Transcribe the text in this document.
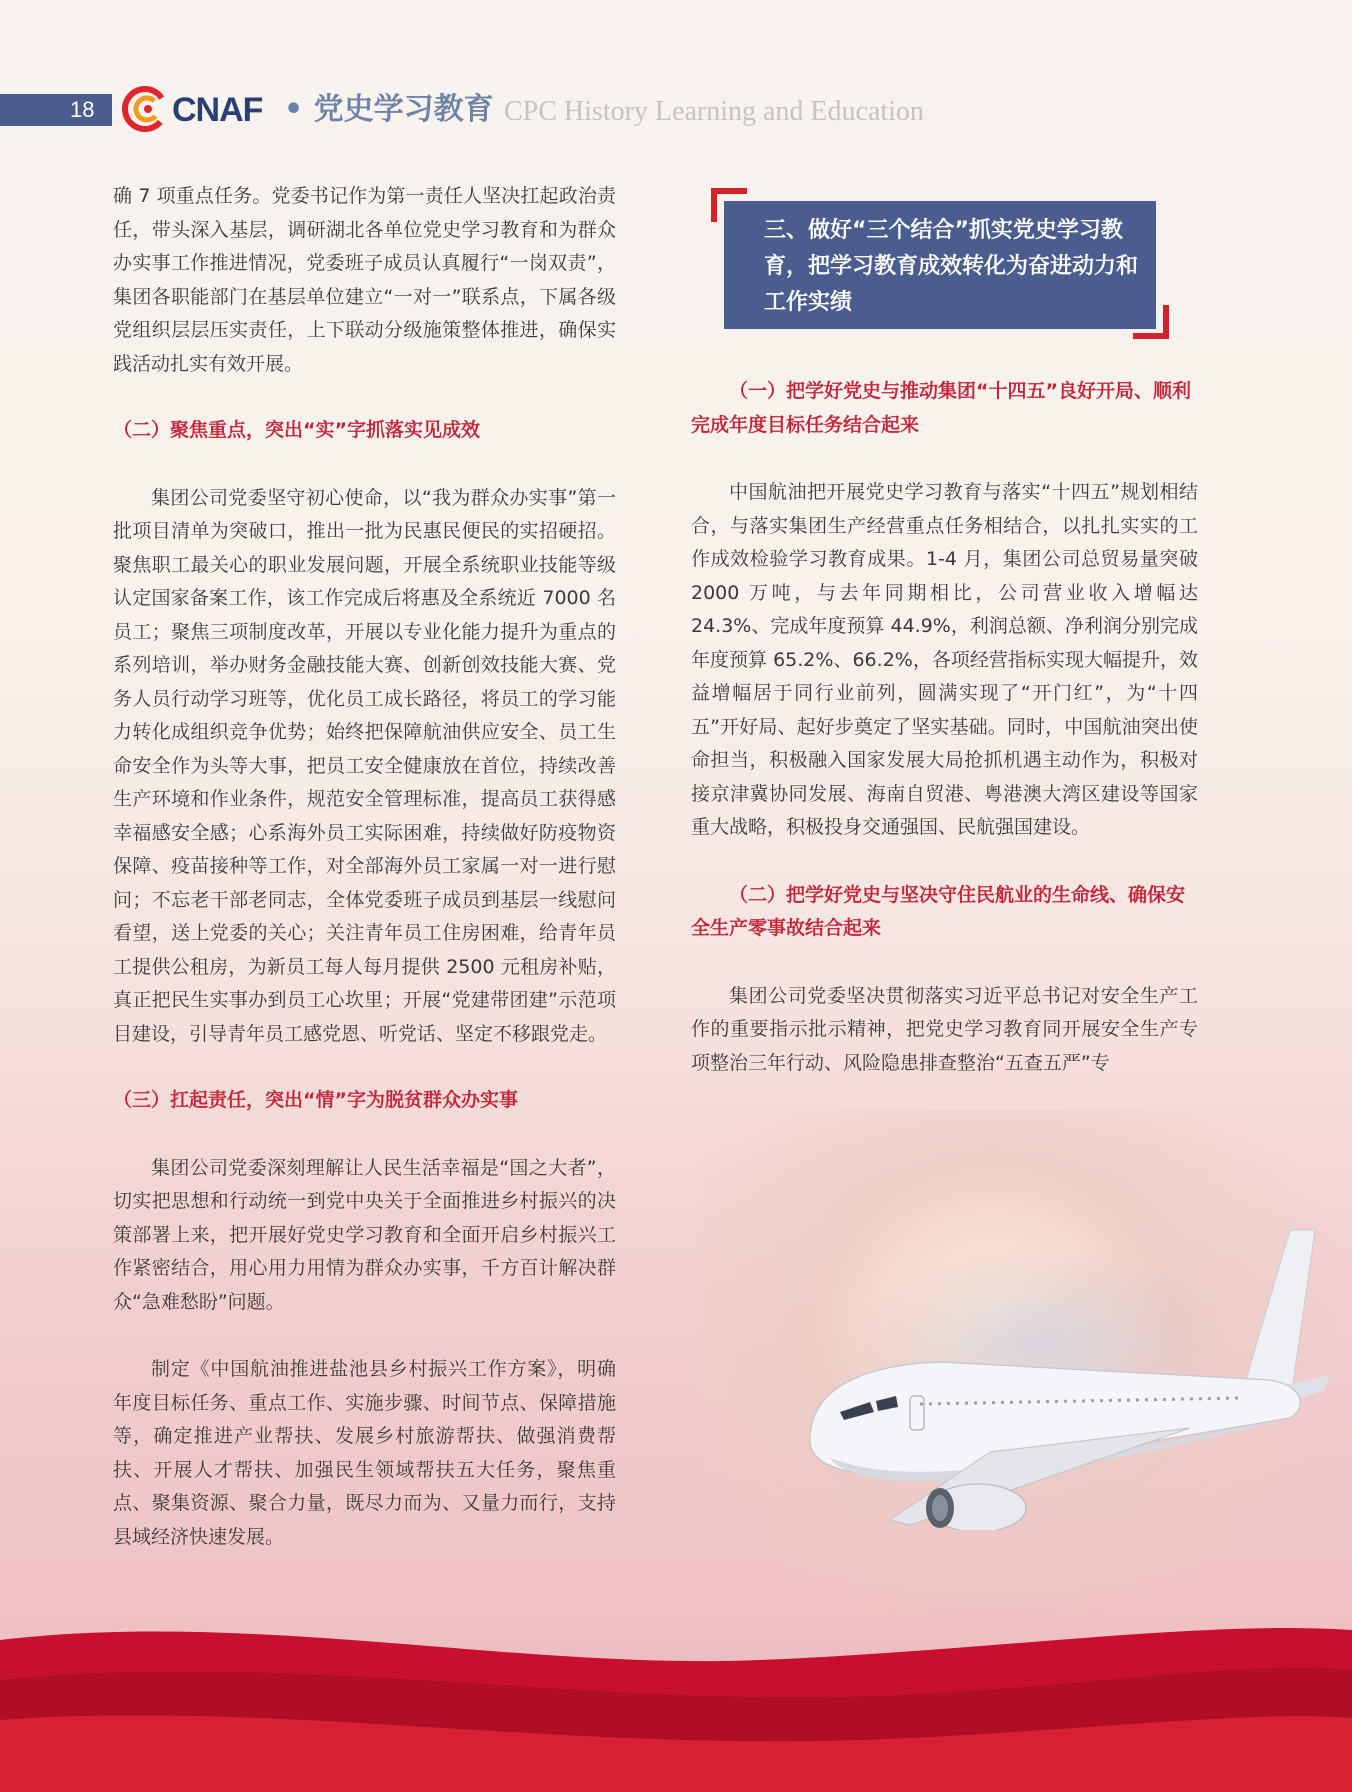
18 CNAF • 党史学习教育 CPC History Learning and Education

确 7 项重点任务。党委书记作为第一责任人坚决扛起政治责任，带头深入基层，调研湖北各单位党史学习教育和为群众办实事工作推进情况，党委班子成员认真履行“一岗双责”，集团各职能部门在基层单位建立“一对一”联系点，下属各级党组织层层压实责任，上下联动分级施策整体推进，确保实践活动扎实有效开展。

（二）聚焦重点，突出“实”字抓落实见成效

集团公司党委坚守初心使命，以“我为群众办实事”第一批项目清单为突破口，推出一批为民惠民便民的实招硬招。聚焦职工最关心的职业发展问题，开展全系统职业技能等级认定国家备案工作，该工作完成后将惠及全系统近 7000 名员工；聚焦三项制度改革，开展以专业化能力提升为重点的系列培训，举办财务金融技能大赛、创新创效技能大赛、党务人员行动学习班等，优化员工成长路径，将员工的学习能力转化成组织竞争优势；始终把保障航油供应安全、员工生命安全作为头等大事，把员工安全健康放在首位，持续改善生产环境和作业条件，规范安全管理标准，提高员工获得感幸福感安全感；心系海外员工实际困难，持续做好防疫物资保障、疫苗接种等工作，对全部海外员工家属一对一进行慰问；不忘老干部老同志，全体党委班子成员到基层一线慰问看望，送上党委的关心；关注青年员工住房困难，给青年员工提供公租房，为新员工每人每月提供 2500 元租房补贴，真正把民生实事办到员工心坎里；开展“党建带团建”示范项目建设，引导青年员工感党恩、听党话、坚定不移跟党走。

（三）扛起责任，突出“情”字为脱贫群众办实事

集团公司党委深刻理解让人民生活幸福是“国之大者”，切实把思想和行动统一到党中央关于全面推进乡村振兴的决策部署上来，把开展好党史学习教育和全面开启乡村振兴工作紧密结合，用心用力用情为群众办实事，千方百计解决群众“急难愁盼”问题。

制定《中国航油推进盐池县乡村振兴工作方案》，明确年度目标任务、重点工作、实施步骤、时间节点、保障措施等，确定推进产业帮扶、发展乡村旅游帮扶、做强消费帮扶、开展人才帮扶、加强民生领域帮扶五大任务，聚焦重点、聚集资源、聚合力量，既尽力而为、又量力而行，支持县域经济快速发展。

三、做好“三个结合”抓实党史学习教育，把学习教育成效转化为奋进动力和工作实绩

（一）把学好党史与推动集团“十四五”良好开局、顺利完成年度目标任务结合起来

中国航油把开展党史学习教育与落实“十四五”规划相结合，与落实集团生产经营重点任务相结合，以扎扎实实的工作成效检验学习教育成果。1-4 月，集团公司总贸易量突破 2000 万吨，与去年同期相比，公司营业收入增幅达 24.3%、完成年度预算 44.9%，利润总额、净利润分别完成年度预算 65.2%、66.2%，各项经营指标实现大幅提升，效益增幅居于同行业前列，圆满实现了“开门红”，为“十四五”开好局、起好步奠定了坚实基础。同时，中国航油突出使命担当，积极融入国家发展大局抢抓机遇主动作为，积极对接京津冀协同发展、海南自贸港、粤港澳大湾区建设等国家重大战略，积极投身交通强国、民航强国建设。

（二）把学好党史与坚决守住民航业的生命线、确保安全生产零事故结合起来

集团公司党委坚决贯彻落实习近平总书记对安全生产工作的重要指示批示精神，把党史学习教育同开展安全生产专项整治三年行动、风险隐患排查整治“五查五严”专
